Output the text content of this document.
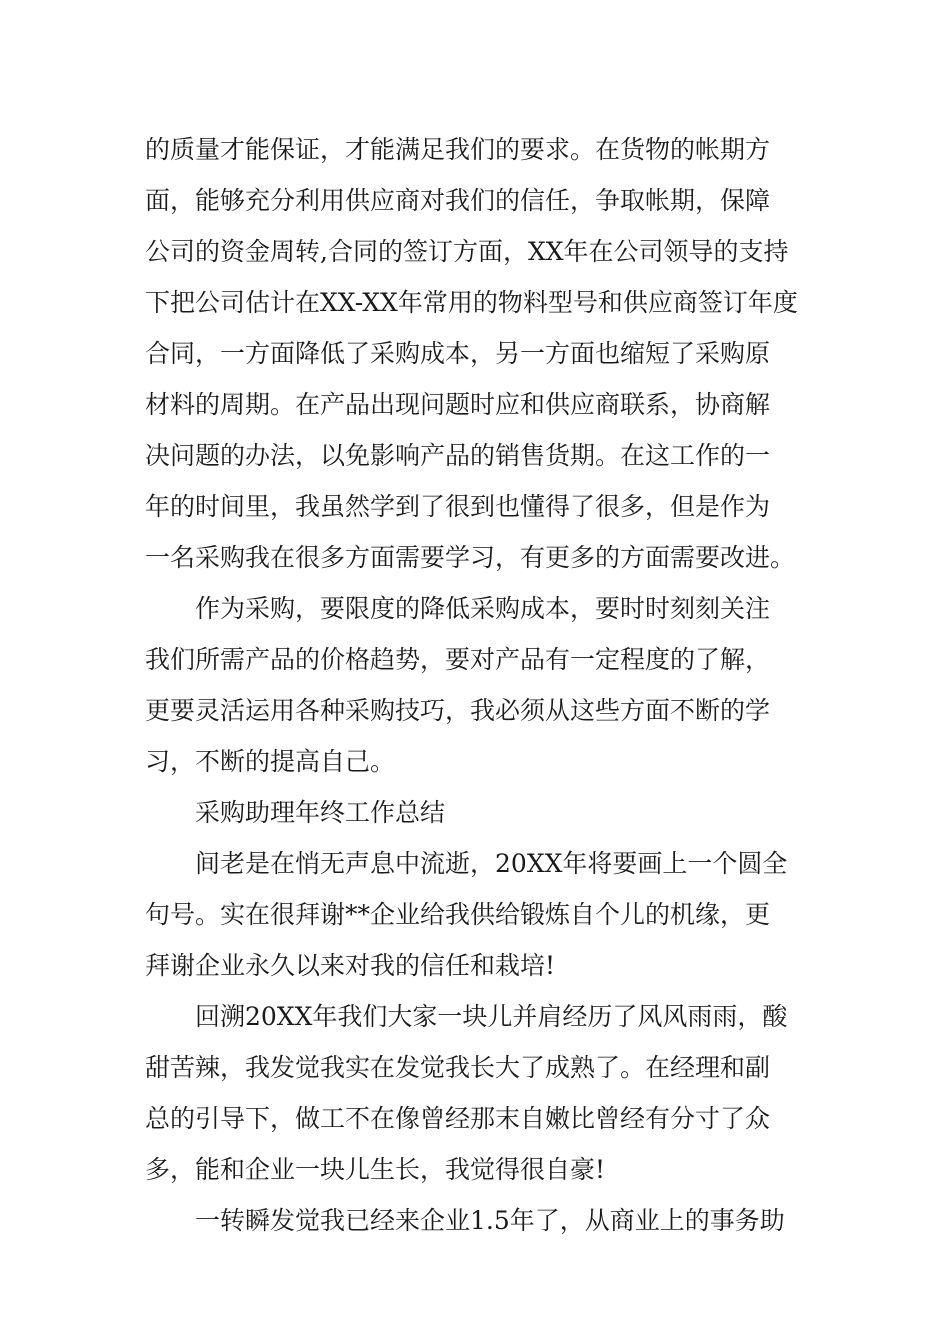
的质量才能保证，才能满足我们的要求。在货物的帐期方
面，能够充分利用供应商对我们的信任，争取帐期，保障
公司的资金周转,合同的签订方面，XX年在公司领导的支持
下把公司估计在XX-XX年常用的物料型号和供应商签订年度
合同，一方面降低了采购成本，另一方面也缩短了采购原
材料的周期。在产品出现问题时应和供应商联系，协商解
决问题的办法，以免影响产品的销售货期。在这工作的一
年的时间里，我虽然学到了很到也懂得了很多，但是作为
一名采购我在很多方面需要学习，有更多的方面需要改进。
作为采购，要限度的降低采购成本，要时时刻刻关注
我们所需产品的价格趋势，要对产品有一定程度的了解，
更要灵活运用各种采购技巧，我必须从这些方面不断的学
习，不断的提高自己。
采购助理年终工作总结
间老是在悄无声息中流逝，20XX年将要画上一个圆全
句号。实在很拜谢**企业给我供给锻炼自个儿的机缘，更
拜谢企业永久以来对我的信任和栽培!
回溯20XX年我们大家一块儿并肩经历了风风雨雨，酸
甜苦辣，我发觉我实在发觉我长大了成熟了。在经理和副
总的引导下，做工不在像曾经那末自嫩比曾经有分寸了众
多，能和企业一块儿生长，我觉得很自豪!
一转瞬发觉我已经来企业1.5年了，从商业上的事务助
